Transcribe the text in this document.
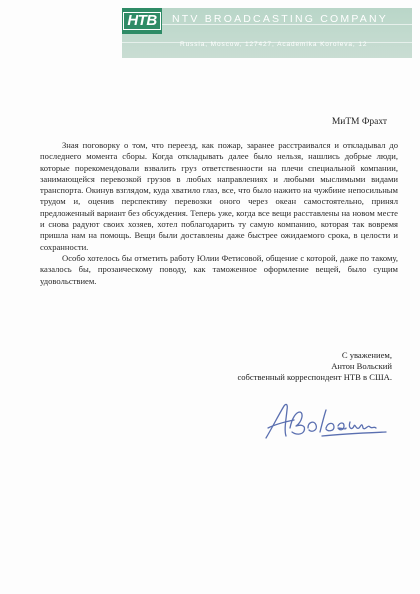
НТВ	NTV BROADCASTING COMPANY
Russia, Moscow, 127427, Academika Koroleva, 12
МиТМ Фрахт

Зная поговорку о том, что переезд, как пожар, заранее расстраивался и откладывал до последнего момента сборы. Когда откладывать далее было нельзя, нашлись добрые люди, которые порекомендовали взвалить груз ответственности на плечи специальной компании, занимающейся перевозкой грузов в любых направлениях и любыми мыслимыми видами транспорта. Окинув взглядом, куда хватило глаз, все, что было нажито на чужбине непосильным трудом и, оценив перспективу перевозки оного через океан самостоятельно, принял предложенный вариант без обсуждения. Теперь уже, когда все вещи расставлены на новом месте и снова радуют своих хозяев, хотел поблагодарить ту самую компанию, которая так вовремя пришла нам на помощь. Вещи были доставлены даже быстрее ожидаемого срока, в целости и сохранности.

Особо хотелось бы отметить работу Юлии Фетисовой, общение с которой, даже по такому, казалось бы, прозаическому поводу, как таможенное оформление вещей, было сущим удовольствием.

С уважением,
Антон Вольский
собственный корреспондент НТВ в США.
